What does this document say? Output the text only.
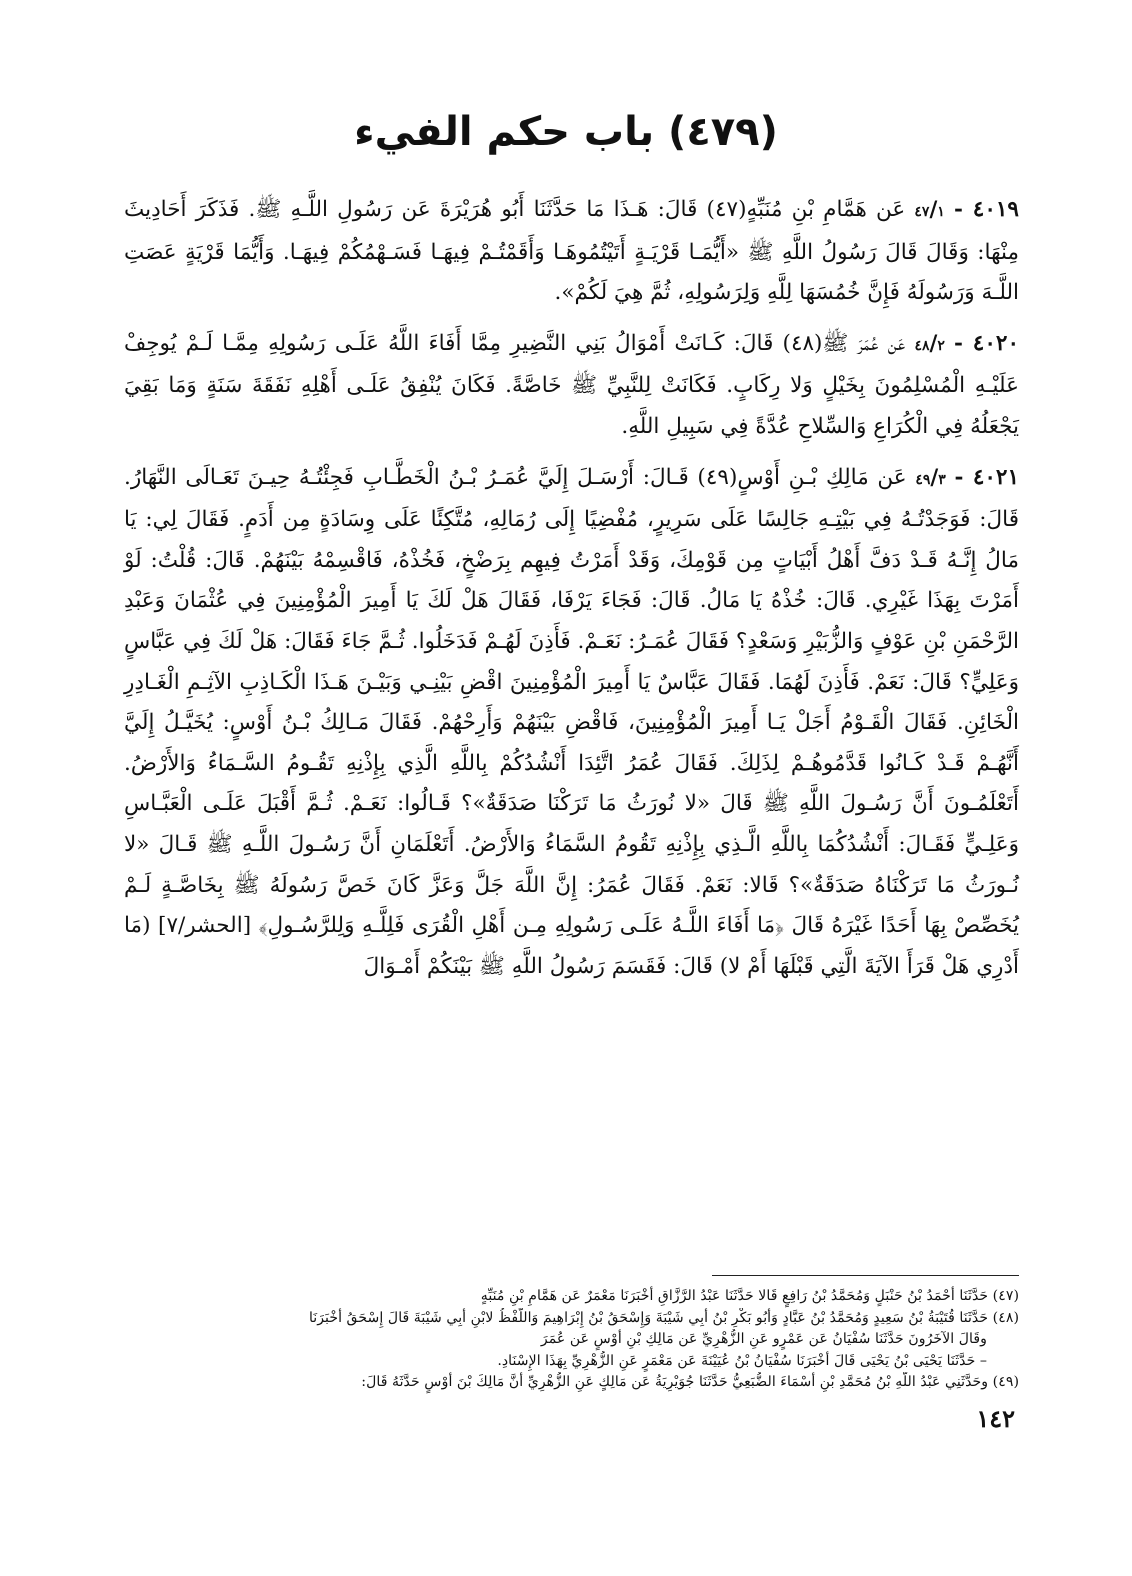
(٤٧٩) باب حكم الفيء

٤٠١٩ - ٤٧/١ عَن هَمَّامِ بْنِ مُنَبِّهٍ(٤٧) قَالَ: هَـذَا مَا حَدَّثَنَا أَبُو هُرَيْرَةَ عَن رَسُولِ اللَّـهِ ﷺ. فَذَكَرَ أَحَادِيثَ مِنْهَا: وَقَالَ قَالَ رَسُولُ اللَّهِ ﷺ «أَيُّمَـا قَرْيَـةٍ أَتَيْتُمُوهَـا وَأَقَمْتُـمْ فِيهَـا فَسَـهْمُكُمْ فِيهَـا. وَأَيُّمَا قَرْيَةٍ عَصَتِ اللَّـهَ وَرَسُولَهُ فَإِنَّ خُمُسَهَا لِلَّهِ وَلِرَسُولِهِ، ثُمَّ هِيَ لَكُمْ».

٤٠٢٠ - ٤٨/٢ عَن عُمَرَ ﷺ(٤٨) قَالَ: كَـانَتْ أَمْوَالُ بَنِي النَّضِيرِ مِمَّا أَفَاءَ اللَّهُ عَلَـى رَسُولِهِ مِمَّـا لَـمْ يُوجِفْ عَلَيْـهِ الْمُسْلِمُونَ بِخَيْلٍ وَلا رِكَابٍ. فَكَانَتْ لِلنَّبِيِّ ﷺ خَاصَّةً. فَكَانَ يُنْفِقُ عَلَـى أَهْلِهِ نَفَقَةَ سَنَةٍ وَمَا بَقِيَ يَجْعَلُهُ فِي الْكُرَاعِ وَالسِّلاحِ عُدَّةً فِي سَبِيلِ اللَّهِ.

٤٠٢١ - ٤٩/٣ عَن مَالِكِ بْـنِ أَوْسٍ(٤٩) قَـالَ: أَرْسَـلَ إِلَيَّ عُمَـرُ بْـنُ الْخَطَّـابِ فَجِئْتُـهُ حِيـنَ تَعَـالَى النَّهَارُ. قَالَ: فَوَجَدْتُـهُ فِي بَيْتِـهِ جَالِسًا عَلَى سَرِيرٍ، مُفْضِيًا إِلَى رُمَالِهِ، مُتَّكِئًا عَلَى وِسَادَةٍ مِن أَدَمٍ. فَقَالَ لِي: يَا مَالُ إِنَّـهُ قَـدْ دَفَّ أَهْلُ أَبْيَاتٍ مِن قَوْمِكَ، وَقَدْ أَمَرْتُ فِيهِم بِرَضْخٍ، فَخُذْهُ، فَاقْسِمْهُ بَيْنَهُمْ. قَالَ: قُلْتُ: لَوْ أَمَرْتَ بِهَذَا غَيْرِي. قَالَ: خُذْهُ يَا مَالُ. قَالَ: فَجَاءَ يَرْفَا، فَقَالَ هَلْ لَكَ يَا أَمِيرَ الْمُؤْمِنِينَ فِي عُثْمَانَ وَعَبْدِ الرَّحْمَنِ بْنِ عَوْفٍ وَالزُّبَيْرِ وَسَعْدٍ؟ فَقَالَ عُمَـرُ: نَعَـمْ. فَأَذِنَ لَهُـمْ فَدَخَلُوا. ثُـمَّ جَاءَ فَقَالَ: هَلْ لَكَ فِي عَبَّاسٍ وَعَلِيٍّ؟ قَالَ: نَعَمْ. فَأَذِنَ لَهُمَا. فَقَالَ عَبَّاسٌ يَا أَمِيرَ الْمُؤْمِنِينَ اقْضِ بَيْنِـي وَبَيْـنَ هَـذَا الْكَـاذِبِ الآثِـمِ الْغَـادِرِ الْخَائِنِ. فَقَالَ الْقَـوْمُ أَجَلْ يَـا أَمِيرَ الْمُؤْمِنِينَ، فَاقْضِ بَيْنَهُمْ وَأَرِحْهُمْ. فَقَالَ مَـالِكُ بْـنُ أَوْسٍ: يُخَيَّـلُ إِلَيَّ أَنَّهُـمْ قَـدْ كَـانُوا قَدَّمُوهُـمْ لِذَلِكَ. فَقَالَ عُمَرُ اتَّئِدَا أَنْشُدُكُمْ بِاللَّهِ الَّذِي بِإِذْنِهِ تَقُـومُ السَّـمَاءُ وَالأَرْضُ. أَتَعْلَمُـونَ أَنَّ رَسُـولَ اللَّهِ ﷺ قَالَ «لا نُورَثُ مَا تَرَكْنَا صَدَقَةٌ»؟ قَـالُوا: نَعَـمْ. ثُـمَّ أَقْبَلَ عَلَـى الْعَبَّـاسِ وَعَلِـيٍّ فَقَـالَ: أَنْشُدُكُمَا بِاللَّهِ الَّـذِي بِإِذْنِهِ تَقُومُ السَّمَاءُ وَالأَرْضُ. أَتَعْلَمَانِ أَنَّ رَسُـولَ اللَّـهِ ﷺ قَـالَ «لا نُـورَثُ مَا تَرَكْنَاهُ صَدَقَةٌ»؟ قَالا: نَعَمْ. فَقَالَ عُمَرُ: إِنَّ اللَّهَ جَلَّ وَعَزَّ كَانَ خَصَّ رَسُولَهُ ﷺ بِخَاصَّـةٍ لَـمْ يُخَصِّصْ بِهَا أَحَدًا غَيْرَهُ قَالَ ﴿مَا أَفَاءَ اللَّـهُ عَلَـى رَسُولِهِ مِـن أَهْلِ الْقُرَى فَلِلَّـهِ وَلِلرَّسُـولِ﴾ [الحشر/٧] (مَا أَدْرِي هَلْ قَرَأَ الآيَةَ الَّتِي قَبْلَهَا أَمْ لا) قَالَ: فَقَسَمَ رَسُولُ اللَّهِ ﷺ بَيْنَكُمْ أَمْـوَالَ

(٤٧) حَدَّثَنَا أَحْمَدُ بْنُ حَنْبَلٍ وَمُحَمَّدُ بْنُ رَافِعٍ قَالا حَدَّثَنَا عَبْدُ الرَّزَّاقِ أَخْبَرَنَا مَعْمَرٌ عَن هَمَّامِ بْنِ مُنَبِّهٍ

(٤٨) حَدَّثَنَا قُتَيْبَةُ بْنُ سَعِيدٍ وَمُحَمَّدُ بْنُ عَبَّادٍ وَأَبُو بَكْرِ بْنُ أَبِي شَيْبَةَ وَإِسْحَقُ بْنُ إِبْرَاهِيمَ وَاللَّفْظُ لابْنِ أَبِي شَيْبَةَ قَالَ إِسْحَقُ أَخْبَرَنَا

وقَالَ الآخَرُونَ حَدَّثَنَا سُفْيَانُ عَن عَمْرٍو عَنِ الزُّهْرِيِّ عَن مَالِكِ بْنِ أَوْسٍ عَن عُمَرَ

– حَدَّثَنَا يَحْيَى بْنُ يَحْيَى قَالَ أَخْبَرَنَا سُفْيَانُ بْنُ عُيَيْنَةَ عَن مَعْمَرٍ عَنِ الزُّهْرِيِّ بِهَذَا الإِسْنَادِ.

(٤٩) وحَدَّثَنِي عَبْدُ اللَّهِ بْنُ مُحَمَّدِ بْنِ أَسْمَاءَ الضُّبَعِيُّ حَدَّثَنَا جُوَيْرِيَةُ عَن مَالِكٍ عَنِ الزُّهْرِيِّ أَنَّ مَالِكَ بْنَ أَوْسٍ حَدَّثَهُ قَالَ:

١٤٢
